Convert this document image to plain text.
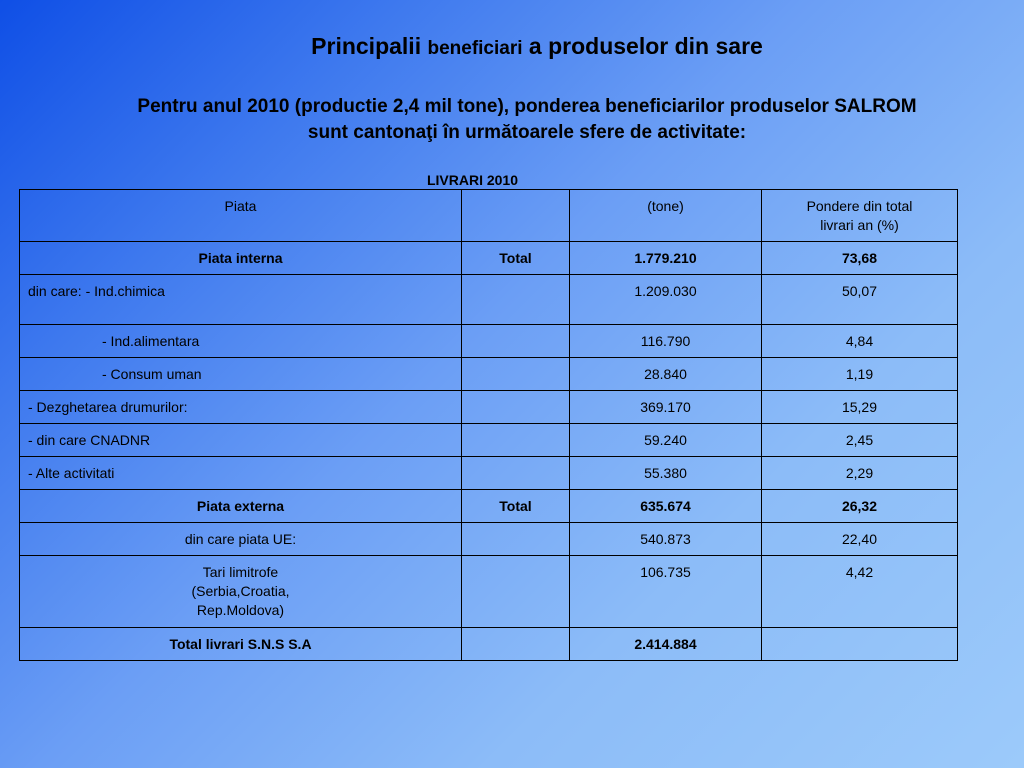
Principalii beneficiari a produselor din sare
Pentru anul 2010 (productie 2,4 mil tone), ponderea beneficiarilor produselor SALROM
sunt cantonaţi în următoarele sfere de activitate:
LIVRARI 2010
Piata		(tone)	Pondere din total
livrari an (%)

Piata interna	Total	1.779.210	73,68
din care: - Ind.chimica		1.209.030	50,07
- Ind.alimentara		116.790	4,84
- Consum uman		28.840	1,19
- Dezghetarea drumurilor:		369.170	15,29
- din care CNADNR		59.240	2,45
- Alte activitati		55.380	2,29
Piata externa	Total	635.674	26,32
din care piata UE:		540.873	22,40

Tari limitrofe
(Serbia,Croatia,
Rep.Moldova)		106.735	4,42
Total livrari S.N.S S.A		2.414.884	
